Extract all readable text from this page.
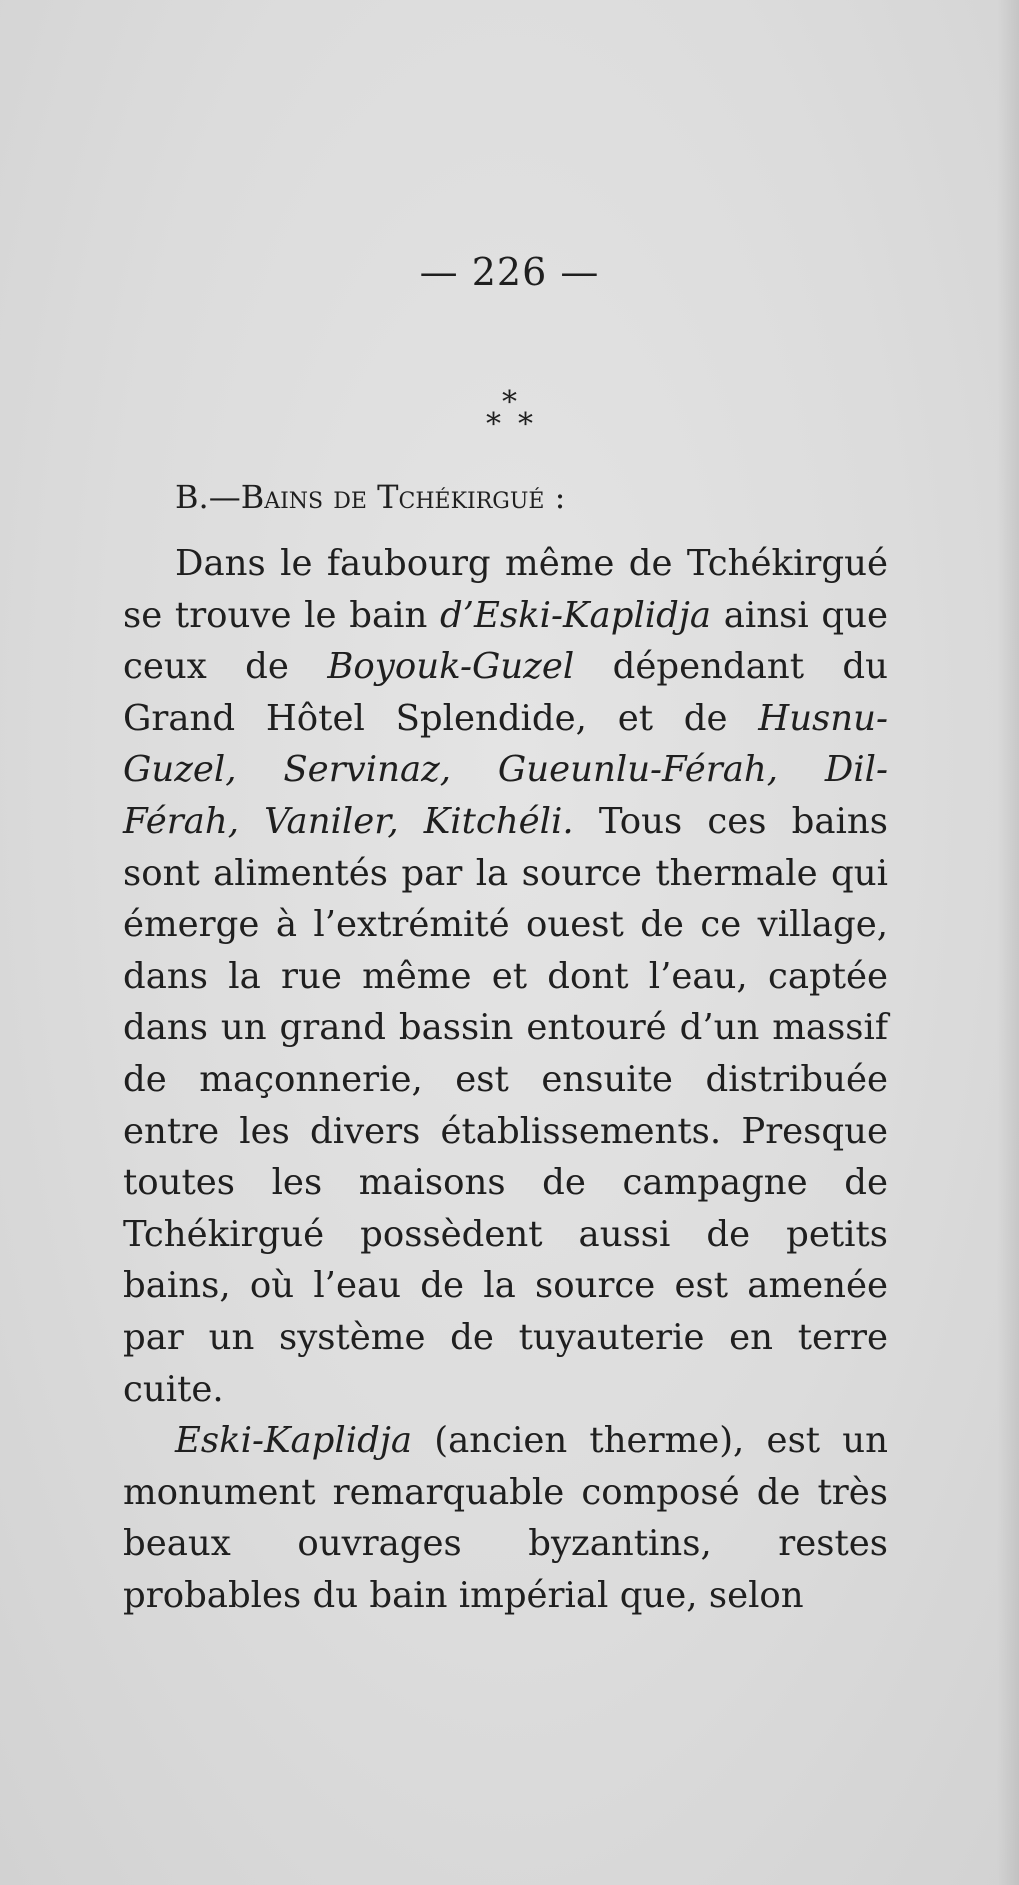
— 226 —
*
* *
B.—Bains de Tchékirgué :

Dans le faubourg même de Tchékirgué se trouve le bain d’Eski-Kaplidja ainsi que ceux de Boyouk-Guzel dépendant du Grand Hôtel Splendide, et de Husnu-Guzel, Servinaz, Gueunlu-Férah, Dil-Férah, Vaniler, Kitchéli. Tous ces bains sont alimentés par la source thermale qui émerge à l’extrémité ouest de ce village, dans la rue même et dont l’eau, captée dans un grand bassin entouré d’un massif de maçonnerie, est ensuite distribuée entre les divers établissements. Presque toutes les maisons de campagne de Tchékirgué possèdent aussi de petits bains, où l’eau de la source est amenée par un système de tuyauterie en terre cuite.

Eski-Kaplidja (ancien therme), est un monument remarquable composé de très beaux ouvrages byzantins, restes probables du bain impérial que, selon
